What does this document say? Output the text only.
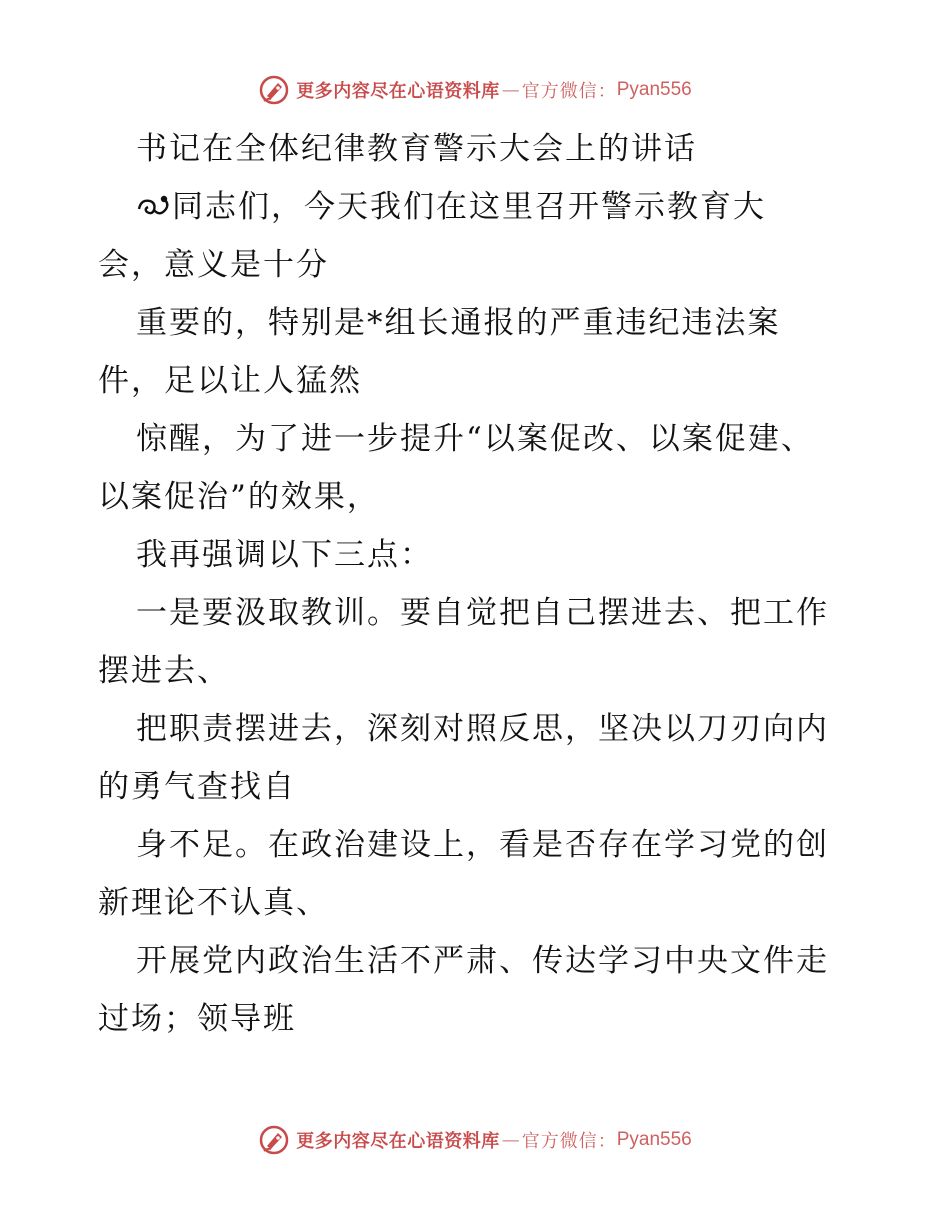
更多内容尽在心语资料库 — 官方微信： Pyan556
书记在全体纪律教育警示大会上的讲话
同志们，今天我们在这里召开警示教育大
会，意义是十分
重要的，特别是*组长通报的严重违纪违法案
件，足以让人猛然
惊醒，为了进一步提升“以案促改、以案促建、
以案促治”的效果，
我再强调以下三点：
一是要汲取教训。要自觉把自己摆进去、把工作
摆进去、
把职责摆进去，深刻对照反思，坚决以刀刃向内
的勇气查找自
身不足。在政治建设上，看是否存在学习党的创
新理论不认真、
开展党内政治生活不严肃、传达学习中央文件走
过场；领导班
更多内容尽在心语资料库 — 官方微信： Pyan556
